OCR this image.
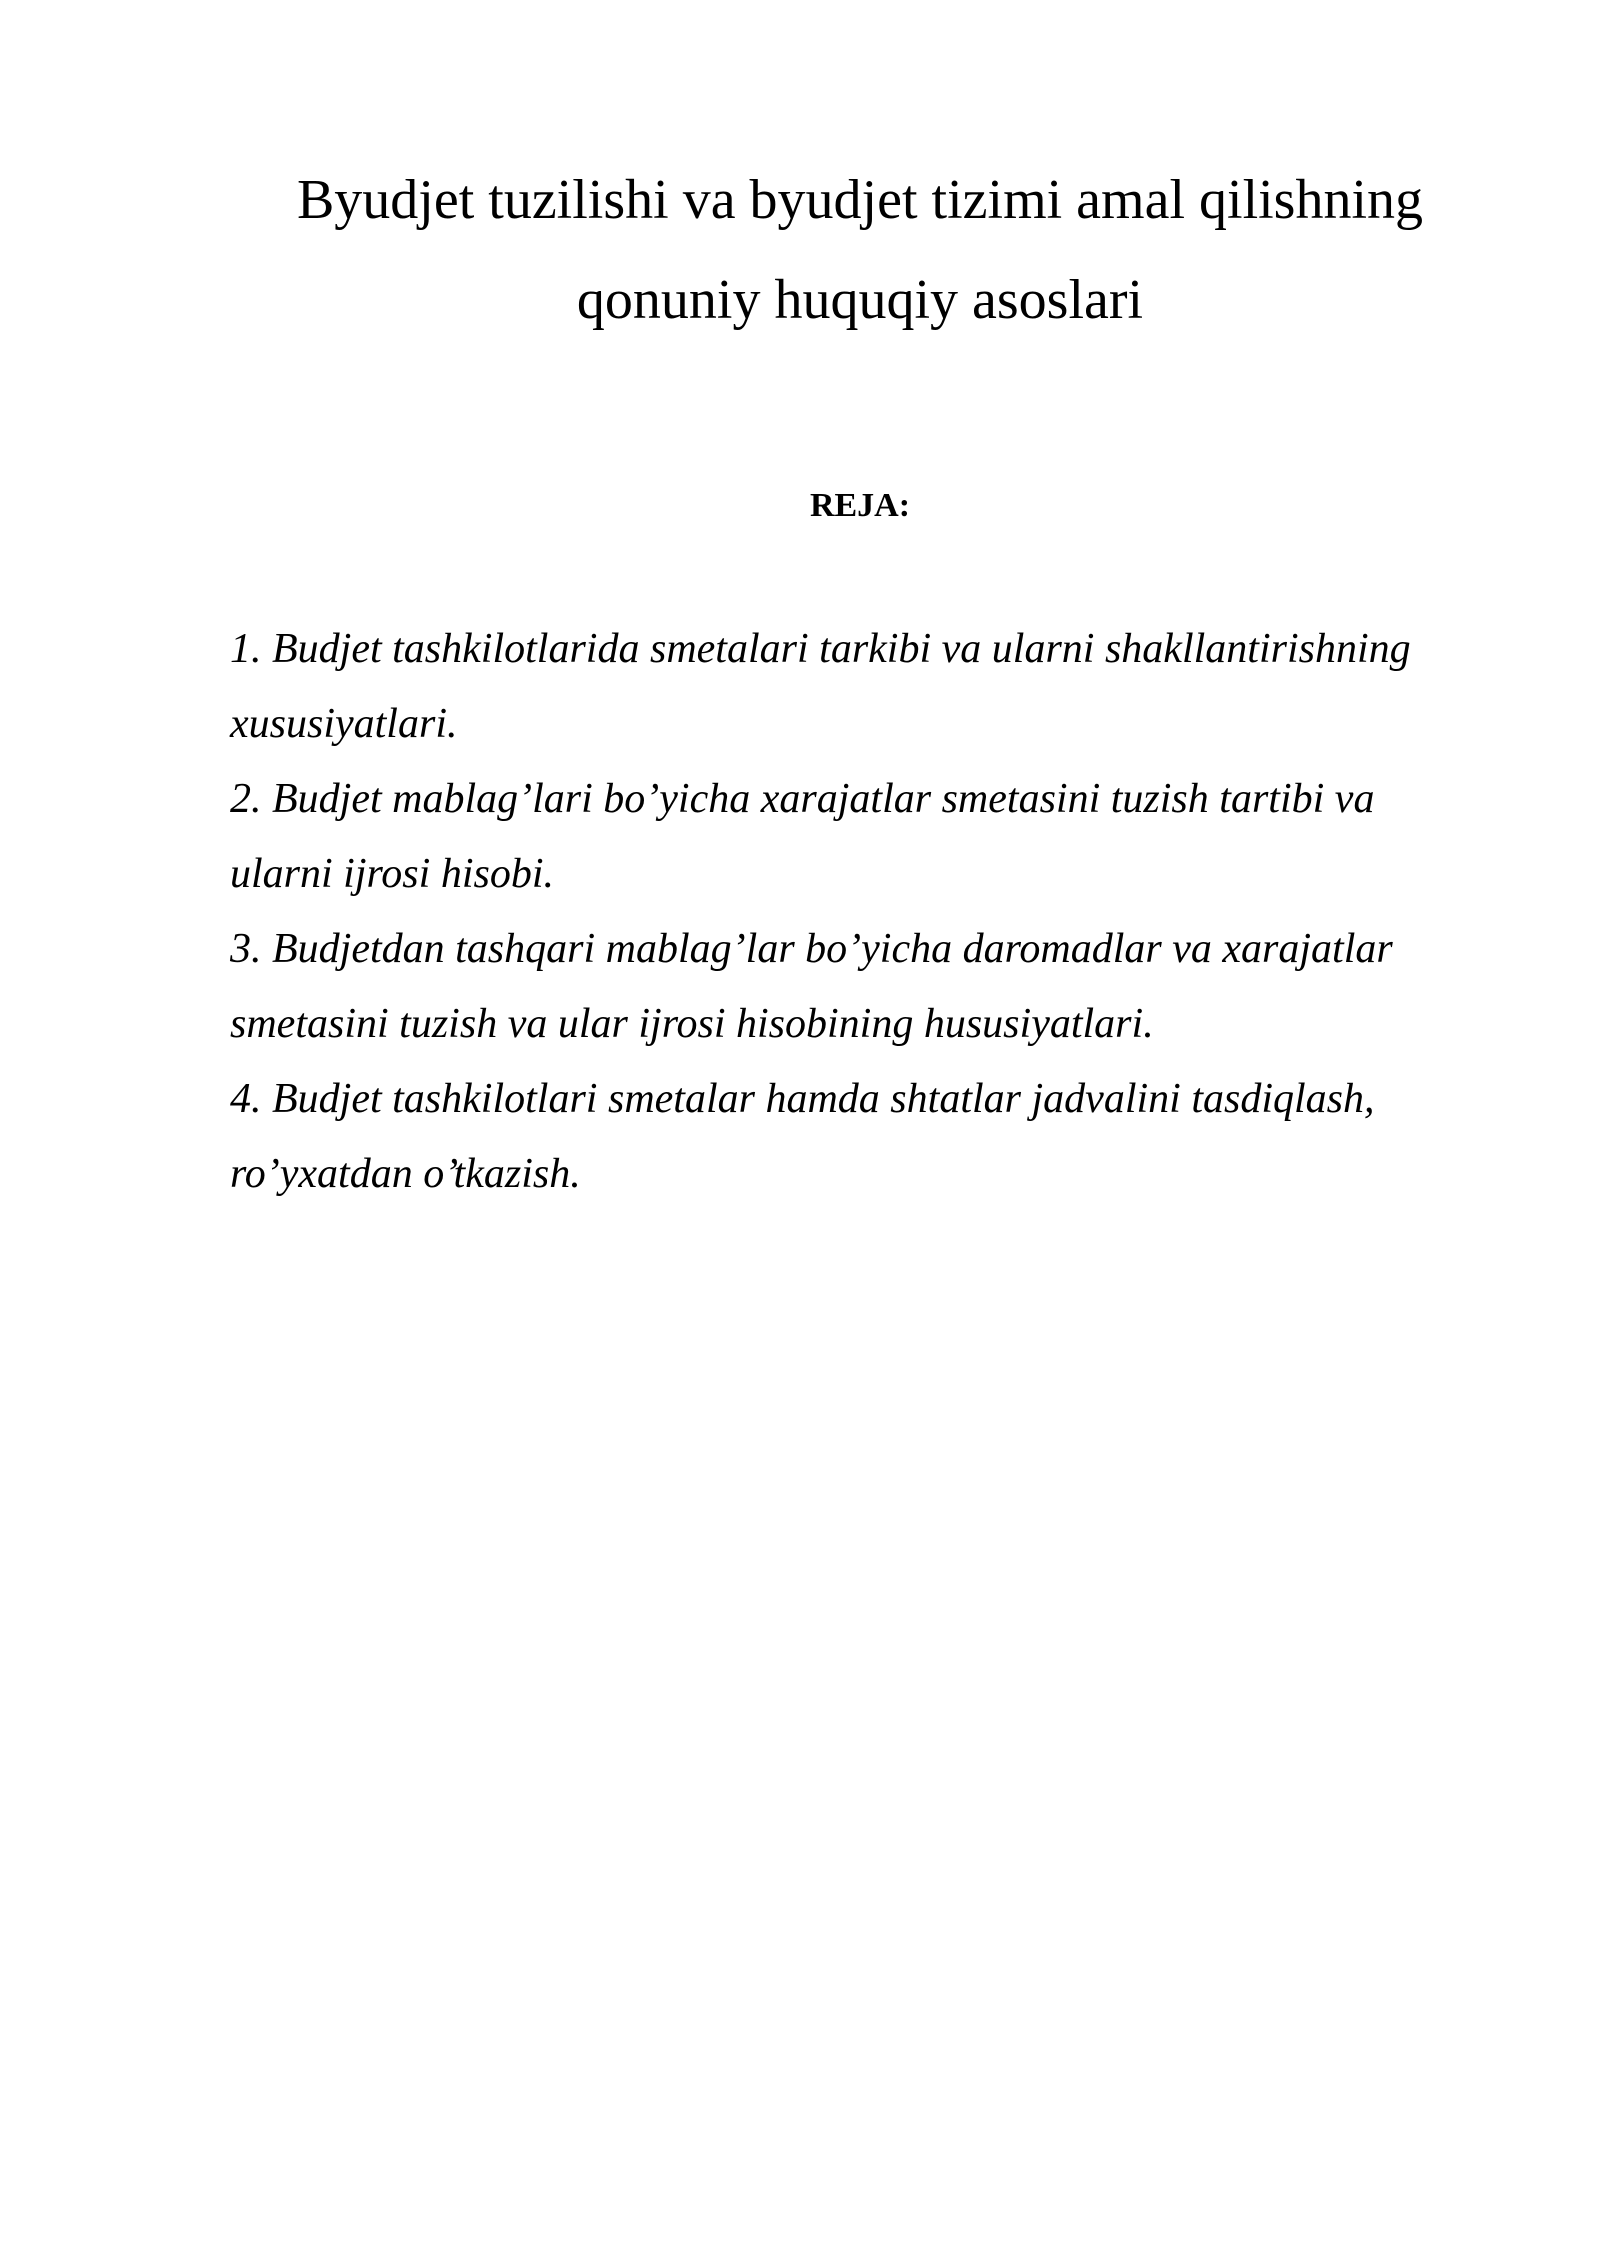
Byudjet tuzilishi va byudjet tizimi amal qilishning
qonuniy huquqiy asoslari
REJA:
1. Budjet tashkilotlarida smetalari tarkibi va ularni shakllantirishning
xususiyatlari.
2. Budjet mablag’lari bo’yicha xarajatlar smetasini tuzish tartibi va
ularni ijrosi hisobi.
3. Budjetdan tashqari mablag’lar bo’yicha daromadlar va xarajatlar
smetasini tuzish va ular ijrosi hisobining hususiyatlari.
4. Budjet tashkilotlari smetalar hamda shtatlar jadvalini tasdiqlash,
ro’yxatdan o’tkazish.
